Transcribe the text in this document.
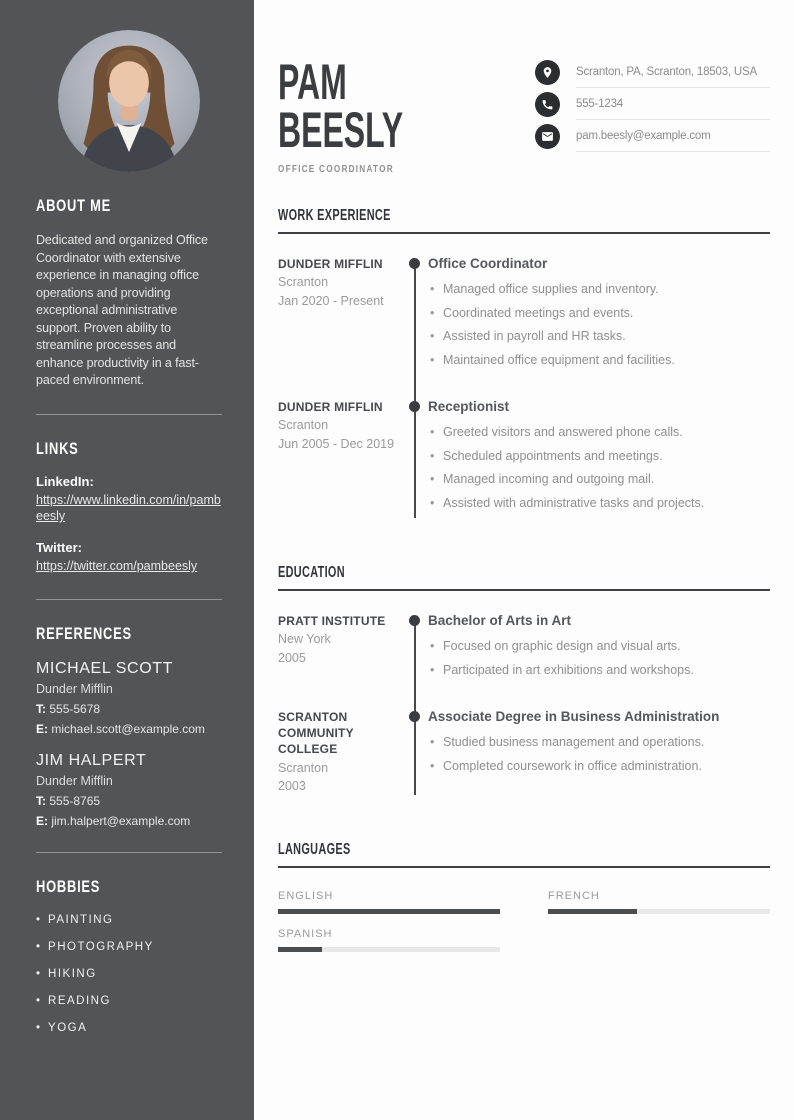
ABOUT ME

Dedicated and organized Office Coordinator with extensive experience in managing office operations and providing exceptional administrative support. Proven ability to streamline processes and enhance productivity in a fast-paced environment.

LINKS
LinkedIn:
https://www.linkedin.com/in/pambeesly
Twitter:
https://twitter.com/pambeesly
REFERENCES
MICHAEL SCOTT
Dunder Mifflin
T: 555-5678
E: michael.scott@example.com
JIM HALPERT
Dunder Mifflin
T: 555-8765
E: jim.halpert@example.com
HOBBIES
• PAINTING
• PHOTOGRAPHY
• HIKING
• READING
• YOGA
PAM
BEESLY
OFFICE COORDINATOR
Scranton, PA, Scranton, 18503, USA
555-1234
pam.beesly@example.com
WORK EXPERIENCE
DUNDER MIFFLIN
Scranton
Jan 2020 - Present
Office Coordinator
• Managed office supplies and inventory.
• Coordinated meetings and events.
• Assisted in payroll and HR tasks.
• Maintained office equipment and facilities.
DUNDER MIFFLIN
Scranton
Jun 2005 - Dec 2019
Receptionist
• Greeted visitors and answered phone calls.
• Scheduled appointments and meetings.
• Managed incoming and outgoing mail.
• Assisted with administrative tasks and projects.
EDUCATION
PRATT INSTITUTE
New York
2005
Bachelor of Arts in Art
• Focused on graphic design and visual arts.
• Participated in art exhibitions and workshops.
SCRANTON COMMUNITY COLLEGE
Scranton
2003
Associate Degree in Business Administration
• Studied business management and operations.
• Completed coursework in office administration.
LANGUAGES
ENGLISH	FRENCH
SPANISH
